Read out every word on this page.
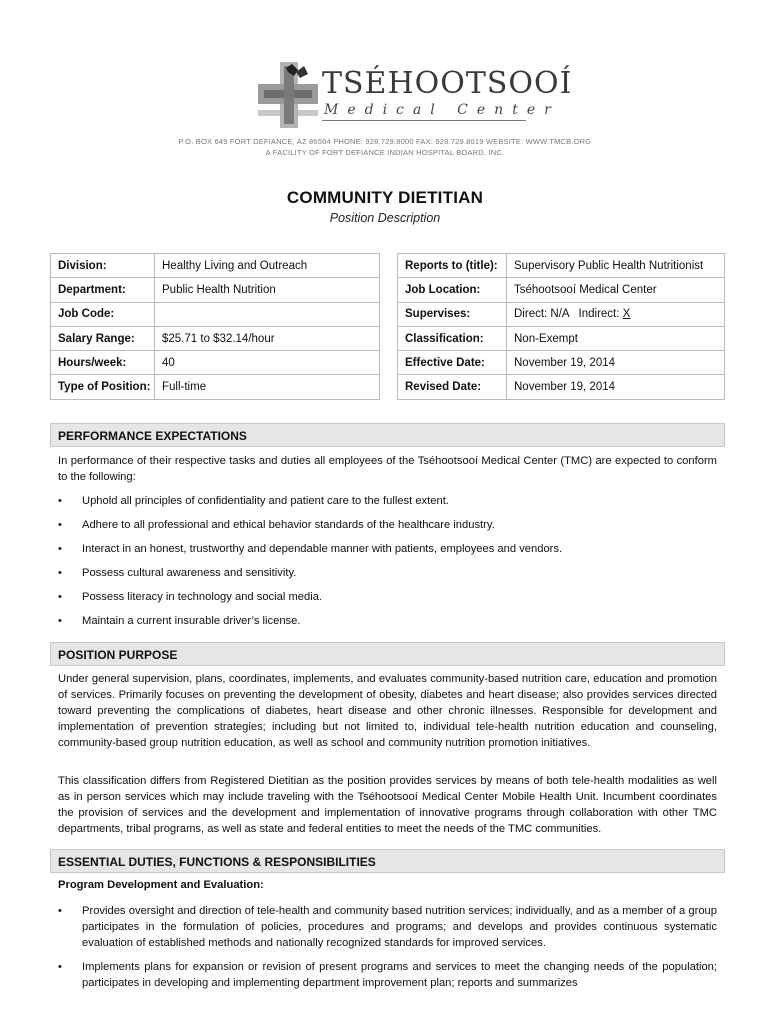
TSÉHOOTSOOÍ
Medical Center
P.O. BOX 649 FORT DEFIANCE, AZ 86504 PHONE: 928.729.8000 FAX: 928.729.8019 WEBSITE: WWW.TMCB.ORG
A FACILITY OF FORT DEFIANCE INDIAN HOSPITAL BOARD, INC.
COMMUNITY DIETITIAN
Position Description
Division:	Healthy Living and Outreach
Department:	Public Health Nutrition
Job Code:	
Salary Range:	$25.71 to $32.14/hour
Hours/week:	40
Type of Position:	Full-time
Reports to (title):	Supervisory Public Health Nutritionist
Job Location:	Tséhootsooí Medical Center
Supervises:	Direct: N/A   Indirect: X
Classification:	Non-Exempt
Effective Date:	November 19, 2014
Revised Date:	November 19, 2014
PERFORMANCE EXPECTATIONS
In performance of their respective tasks and duties all employees of the Tséhootsooí Medical Center (TMC) are expected to conform to the following:
• Uphold all principles of confidentiality and patient care to the fullest extent.
• Adhere to all professional and ethical behavior standards of the healthcare industry.
• Interact in an honest, trustworthy and dependable manner with patients, employees and vendors.
• Possess cultural awareness and sensitivity.
• Possess literacy in technology and social media.
• Maintain a current insurable driver’s license.
POSITION PURPOSE
Under general supervision, plans, coordinates, implements, and evaluates community-based nutrition care, education and promotion of services. Primarily focuses on preventing the development of obesity, diabetes and heart disease; also provides services directed toward preventing the complications of diabetes, heart disease and other chronic illnesses. Responsible for development and implementation of prevention strategies; including but not limited to, individual tele-health nutrition education and counseling, community-based group nutrition education, as well as school and community nutrition promotion initiatives.
This classification differs from Registered Dietitian as the position provides services by means of both tele-health modalities as well as in person services which may include traveling with the Tséhootsooí Medical Center Mobile Health Unit. Incumbent coordinates the provision of services and the development and implementation of innovative programs through collaboration with other TMC departments, tribal programs, as well as state and federal entities to meet the needs of the TMC communities.
ESSENTIAL DUTIES, FUNCTIONS & RESPONSIBILITIES
Program Development and Evaluation:
• Provides oversight and direction of tele-health and community based nutrition services; individually, and as a member of a group participates in the formulation of policies, procedures and programs; and develops and provides continuous systematic evaluation of established methods and nationally recognized standards for improved services.
• Implements plans for expansion or revision of present programs and services to meet the changing needs of the population; participates in developing and implementing department improvement plan; reports and summarizes
